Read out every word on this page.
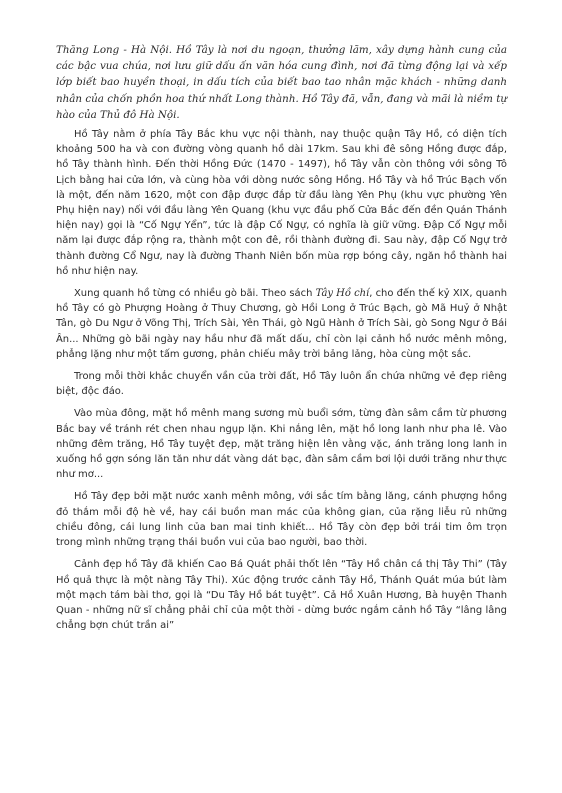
Thăng Long - Hà Nội. Hồ Tây là nơi du ngoạn, thưởng lãm, xây dựng hành cung của các bậc vua chúa, nơi lưu giữ dấu ấn văn hóa cung đình, nơi đã từng động lại và xếp lớp biết bao huyền thoại, in dấu tích của biết bao tao nhân mặc khách - những danh nhân của chốn phồn hoa thứ nhất Long thành. Hồ Tây đã, vẫn, đang và mãi là niềm tự hào của Thủ đô Hà Nội.

Hồ Tây nằm ở phía Tây Bắc khu vực nội thành, nay thuộc quận Tây Hồ, có diện tích khoảng 500 ha và con đường vòng quanh hồ dài 17km. Sau khi đê sông Hồng được đắp, hồ Tây thành hình. Đến thời Hồng Đức (1470 - 1497), hồ Tây vẫn còn thông với sông Tô Lịch bằng hai cửa lớn, và cùng hòa với dòng nước sông Hồng. Hồ Tây và hồ Trúc Bạch vốn là một, đến năm 1620, một con đập được đắp từ đầu làng Yên Phụ (khu vực phường Yên Phụ hiện nay) nối với đầu làng Yên Quang (khu vực đầu phố Cửa Bắc đến đền Quán Thánh hiện nay) gọi là “Cố Ngự Yển”, tức là đập Cố Ngự, có nghĩa là giữ vững. Đập Cố Ngự mỗi năm lại được đắp rộng ra, thành một con đê, rồi thành đường đi. Sau này, đập Cố Ngự trở thành đường Cổ Ngư, nay là đường Thanh Niên bốn mùa rợp bóng cây, ngăn hồ thành hai hồ như hiện nay.

Xung quanh hồ từng có nhiều gò bãi. Theo sách Tây Hồ chí, cho đến thế kỷ XIX, quanh hồ Tây có gò Phượng Hoàng ở Thuy Chương, gò Hồi Long ở Trúc Bạch, gò Mã Huỷ ở Nhật Tân, gò Du Ngư ở Võng Thị, Trích Sài, Yên Thái, gò Ngũ Hành ở Trích Sài, gò Song Ngư ở Bái Ân... Những gò bãi ngày nay hầu như đã mất dấu, chỉ còn lại cảnh hồ nước mênh mông, phẳng lặng như một tấm gương, phản chiếu mây trời bảng lảng, hòa cùng một sắc.

Trong mỗi thời khắc chuyển vần của trời đất, Hồ Tây luôn ẩn chứa những vẻ đẹp riêng biệt, độc đáo.

Vào mùa đông, mặt hồ mênh mang sương mù buổi sớm, từng đàn sâm cầm từ phương Bắc bay về tránh rét chen nhau ngụp lặn. Khi nắng lên, mặt hồ long lanh như pha lê. Vào những đêm trăng, Hồ Tây tuyệt đẹp, mặt trăng hiện lên vằng vặc, ánh trăng long lanh in xuống hồ gợn sóng lăn tăn như dát vàng dát bạc, đàn sâm cầm bơi lội dưới trăng như thực như mơ...

Hồ Tây đẹp bởi mặt nước xanh mênh mông, với sắc tím bằng lăng, cánh phượng hồng đỏ thắm mỗi độ hè về, hay cái buồn man mác của không gian, của rặng liễu rủ những chiều đông, cái lung linh của ban mai tinh khiết... Hồ Tây còn đẹp bởi trái tim ôm trọn trong mình những trạng thái buồn vui của bao người, bao thời.

Cảnh đẹp hồ Tây đã khiến Cao Bá Quát phải thốt lên “Tây Hồ chân cá thị Tây Thi” (Tây Hồ quả thực là một nàng Tây Thi). Xúc động trước cảnh Tây Hồ, Thánh Quát múa bút làm một mạch tám bài thơ, gọi là “Du Tây Hồ bát tuyệt”. Cả Hồ Xuân Hương, Bà huyện Thanh Quan - những nữ sĩ chẳng phải chỉ của một thời - dừng bước ngắm cảnh hồ Tây “lâng lâng chẳng bợn chút trần ai”
